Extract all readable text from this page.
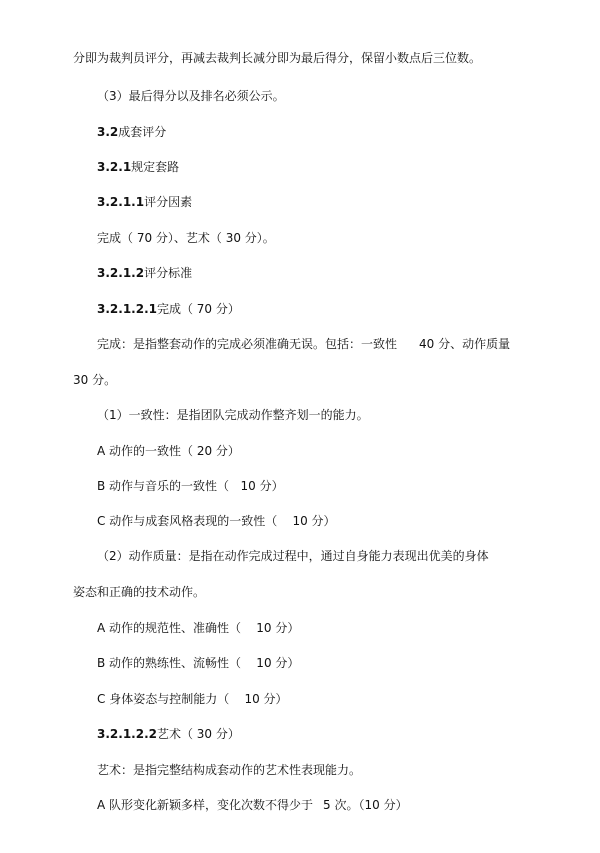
分即为裁判员评分，再减去裁判长减分即为最后得分，保留小数点后三位数。
（3）最后得分以及排名必须公示。
3.2成套评分
3.2.1规定套路
3.2.1.1评分因素
完成（ 70 分）、艺术（ 30 分）。
3.2.1.2评分标准
3.2.1.2.1完成（ 70 分）
完成：是指整套动作的完成必须准确无误。包括：一致性 40 分、动作质量
30 分。
（1）一致性：是指团队完成动作整齐划一的能力。
A 动作的一致性（ 20 分）
B 动作与音乐的一致性（   10 分）
C 动作与成套风格表现的一致性（    10 分）
（2）动作质量：是指在动作完成过程中，通过自身能力表现出优美的身体
姿态和正确的技术动作。
A 动作的规范性、准确性（    10 分）
B 动作的熟练性、流畅性（    10 分）
C 身体姿态与控制能力（    10 分）
3.2.1.2.2艺术（ 30 分）
艺术：是指完整结构成套动作的艺术性表现能力。
A 队形变化新颖多样，变化次数不得少于 5 次。（10 分）
